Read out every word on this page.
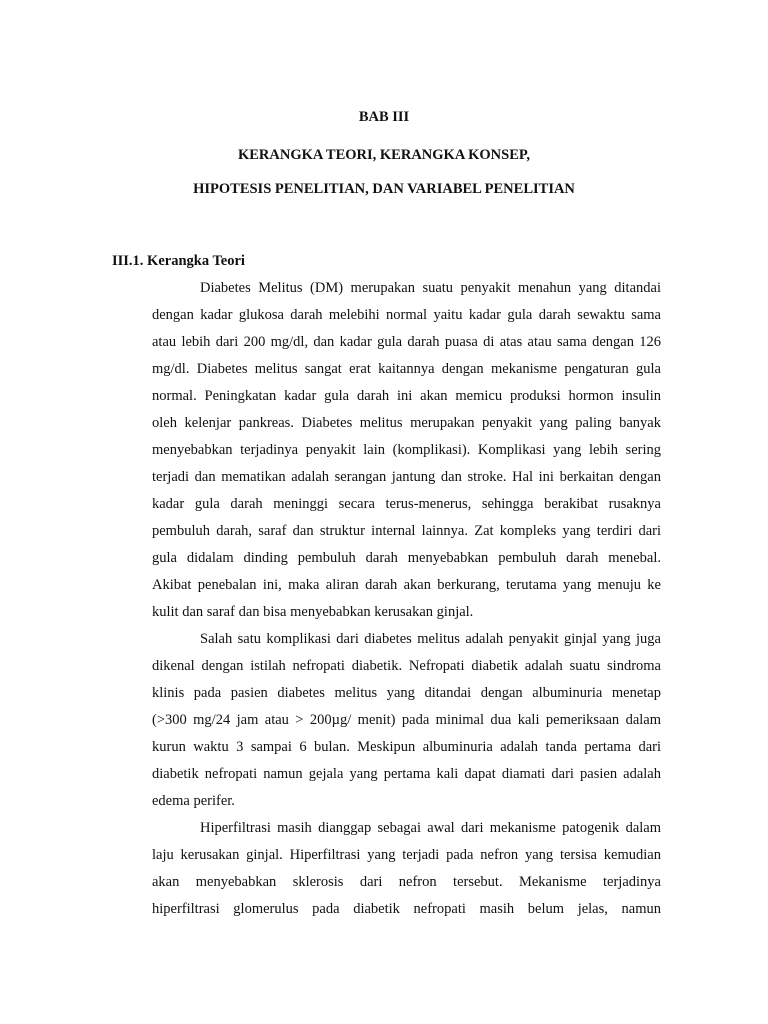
BAB III
KERANGKA TEORI, KERANGKA KONSEP,
HIPOTESIS PENELITIAN, DAN VARIABEL PENELITIAN
III.1. Kerangka Teori
Diabetes Melitus (DM) merupakan suatu penyakit menahun yang ditandai
dengan kadar glukosa darah melebihi normal yaitu kadar gula darah sewaktu sama
atau lebih dari 200 mg/dl, dan kadar gula darah puasa di atas atau sama dengan 126
mg/dl. Diabetes melitus sangat erat kaitannya dengan mekanisme pengaturan gula
normal. Peningkatan kadar gula darah ini akan memicu produksi hormon insulin
oleh kelenjar pankreas. Diabetes melitus merupakan penyakit yang paling banyak
menyebabkan terjadinya penyakit lain (komplikasi). Komplikasi yang lebih sering
terjadi dan mematikan adalah serangan jantung dan stroke. Hal ini berkaitan dengan
kadar gula darah meninggi secara terus-menerus, sehingga berakibat rusaknya
pembuluh darah, saraf dan struktur internal lainnya. Zat kompleks yang terdiri dari
gula didalam dinding pembuluh darah menyebabkan pembuluh darah menebal.
Akibat penebalan ini, maka aliran darah akan berkurang, terutama yang menuju ke
kulit dan saraf dan bisa menyebabkan kerusakan ginjal.
Salah satu komplikasi dari diabetes melitus adalah penyakit ginjal yang juga
dikenal dengan istilah nefropati diabetik. Nefropati diabetik adalah suatu sindroma
klinis pada pasien diabetes melitus yang ditandai dengan albuminuria menetap
(>300 mg/24 jam atau > 200µg/ menit) pada minimal dua kali pemeriksaan dalam
kurun waktu 3 sampai 6 bulan. Meskipun albuminuria adalah tanda pertama dari
diabetik nefropati namun gejala yang pertama kali dapat diamati dari pasien adalah
edema perifer.
Hiperfiltrasi masih dianggap sebagai awal dari mekanisme patogenik dalam
laju kerusakan ginjal. Hiperfiltrasi yang terjadi pada nefron yang tersisa kemudian
akan menyebabkan sklerosis dari nefron tersebut. Mekanisme terjadinya
hiperfiltrasi glomerulus pada diabetik nefropati masih belum jelas, namun
